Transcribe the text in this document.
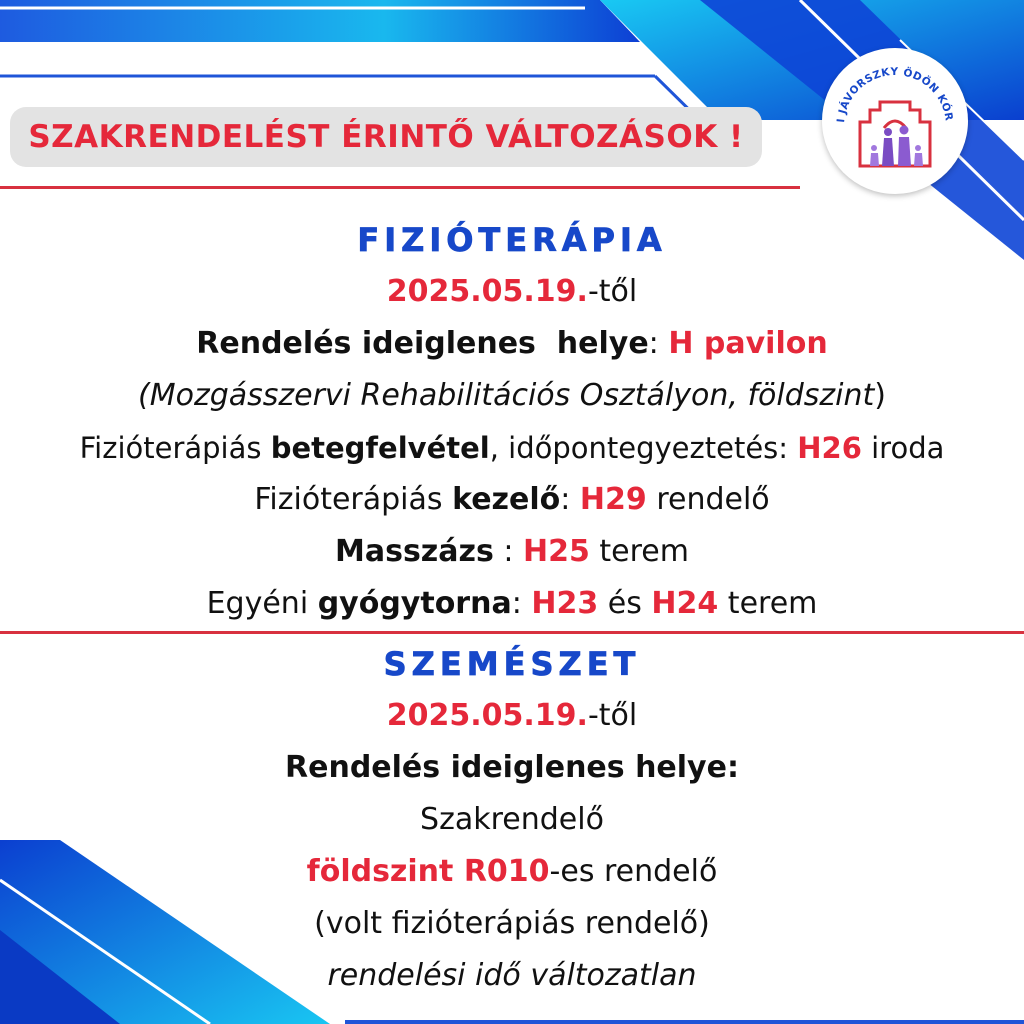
SZAKRENDELÉST ÉRINTŐ VÁLTOZÁSOK !	I JÁVORSZKY ÖDÖN KÓR
FIZIÓTERÁPIA
2025.05.19.-től
Rendelés ideiglenes  helye: H pavilon
(Mozgásszervi Rehabilitációs Osztályon, földszint)
Fizióterápiás betegfelvétel, időpontegyeztetés: H26 iroda
Fizióterápiás kezelő: H29 rendelő
Masszázs : H25 terem
Egyéni gyógytorna: H23 és H24 terem
SZEMÉSZET
2025.05.19.-től
Rendelés ideiglenes helye:
Szakrendelő
földszint R010-es rendelő
(volt fizióterápiás rendelő)
rendelési idő változatlan
